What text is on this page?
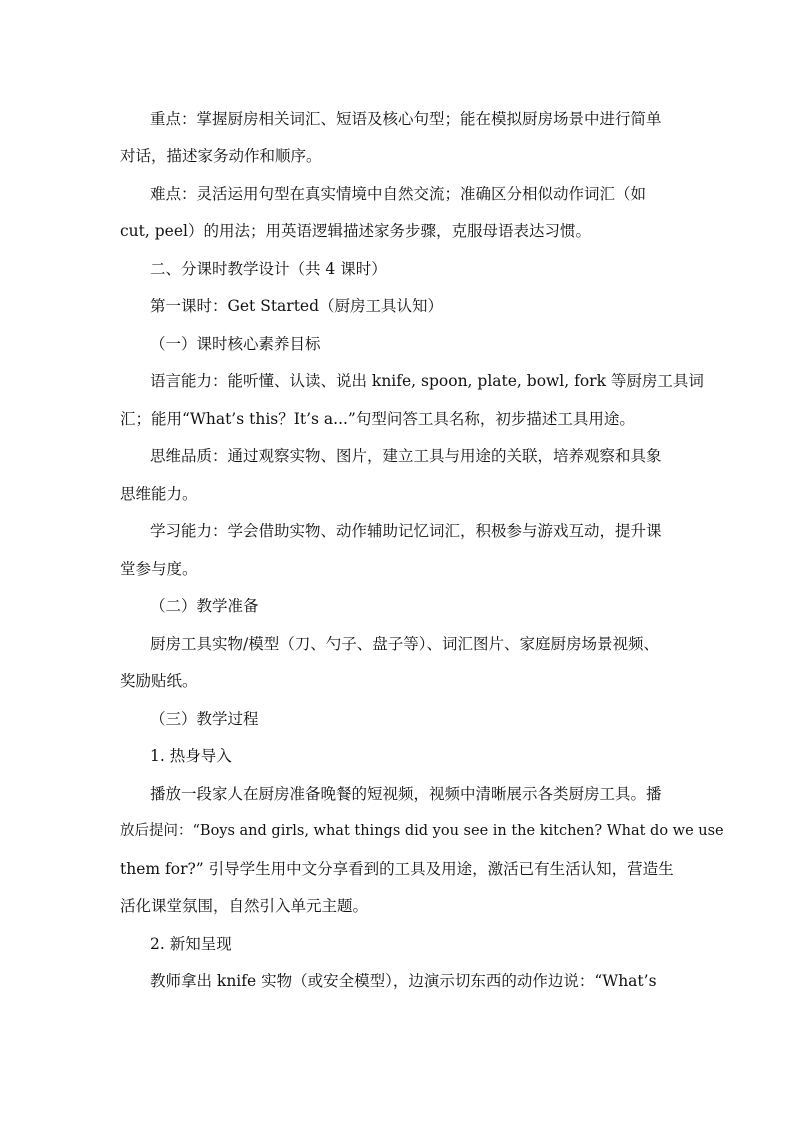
重点：掌握厨房相关词汇、短语及核心句型；能在模拟厨房场景中进行简单
对话，描述家务动作和顺序。
难点：灵活运用句型在真实情境中自然交流；准确区分相似动作词汇（如
cut, peel）的用法；用英语逻辑描述家务步骤，克服母语表达习惯。
二、分课时教学设计（共 4 课时）
第一课时：Get Started（厨房工具认知）
（一）课时核心素养目标
语言能力：能听懂、认读、说出 knife, spoon, plate, bowl, fork 等厨房工具词
汇；能用“What’s this？It’s a...”句型问答工具名称，初步描述工具用途。
思维品质：通过观察实物、图片，建立工具与用途的关联，培养观察和具象
思维能力。
学习能力：学会借助实物、动作辅助记忆词汇，积极参与游戏互动，提升课
堂参与度。
（二）教学准备
厨房工具实物/模型（刀、勺子、盘子等）、词汇图片、家庭厨房场景视频、
奖励贴纸。
（三）教学过程
1. 热身导入
播放一段家人在厨房准备晚餐的短视频，视频中清晰展示各类厨房工具。播
放后提问：“Boys and girls, what things did you see in the kitchen? What do we use
them for?” 引导学生用中文分享看到的工具及用途，激活已有生活认知，营造生
活化课堂氛围，自然引入单元主题。
2. 新知呈现
教师拿出 knife 实物（或安全模型），边演示切东西的动作边说：“What’s
